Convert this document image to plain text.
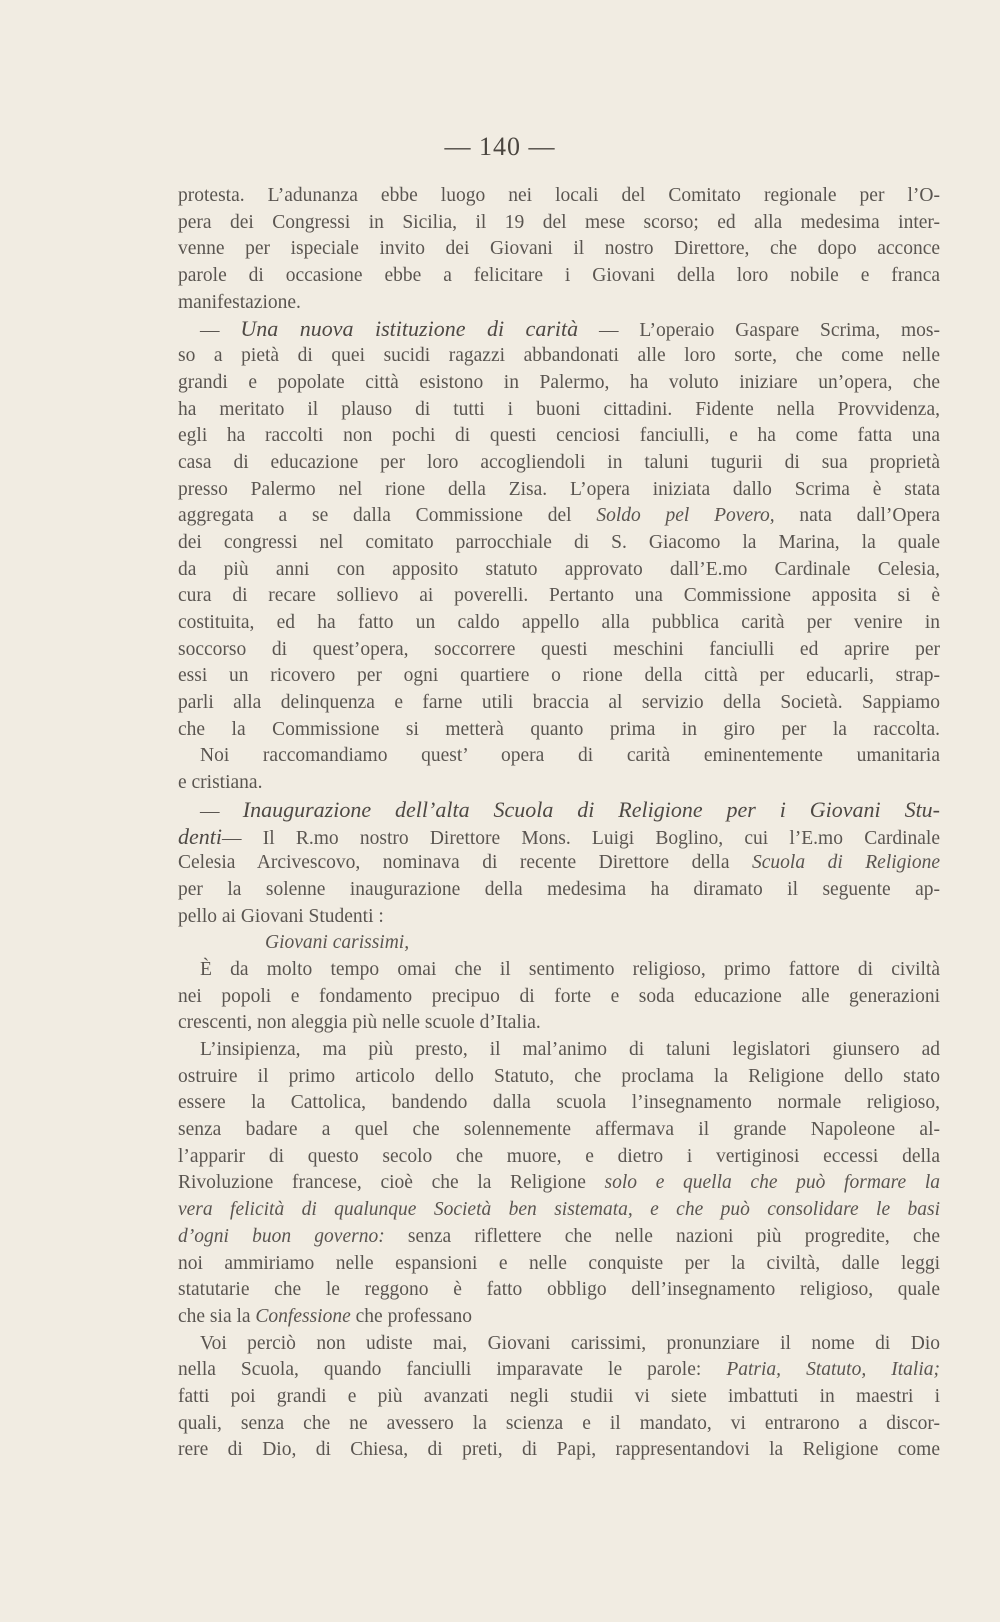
— 140 —
protesta. L’adunanza ebbe luogo nei locali del Comitato regionale per l’O-
pera dei Congressi in Sicilia, il 19 del mese scorso; ed alla medesima inter-
venne per ispeciale invito dei Giovani il nostro Direttore, che dopo acconce
parole di occasione ebbe a felicitare i Giovani della loro nobile e franca
manifestazione.
— Una nuova istituzione di carità — L’operaio Gaspare Scrima, mos-
so a pietà di quei sucidi ragazzi abbandonati alle loro sorte, che come nelle
grandi e popolate città esistono in Palermo, ha voluto iniziare un’opera, che
ha meritato il plauso di tutti i buoni cittadini. Fidente nella Provvidenza,
egli ha raccolti non pochi di questi cenciosi fanciulli, e ha come fatta una
casa di educazione per loro accogliendoli in taluni tugurii di sua proprietà
presso Palermo nel rione della Zisa. L’opera iniziata dallo Scrima è stata
aggregata a se dalla Commissione del Soldo pel Povero, nata dall’Opera
dei congressi nel comitato parrocchiale di S. Giacomo la Marina, la quale
da più anni con apposito statuto approvato dall’E.mo Cardinale Celesia,
cura di recare sollievo ai poverelli. Pertanto una Commissione apposita si è
costituita, ed ha fatto un caldo appello alla pubblica carità per venire in
soccorso di quest’opera, soccorrere questi meschini fanciulli ed aprire per
essi un ricovero per ogni quartiere o rione della città per educarli, strap-
parli alla delinquenza e farne utili braccia al servizio della Società. Sappiamo
che la Commissione si metterà quanto prima in giro per la raccolta.
Noi raccomandiamo quest’ opera di carità eminentemente umanitaria
e cristiana.
— Inaugurazione dell’alta Scuola di Religione per i Giovani Stu-
denti— Il R.mo nostro Direttore Mons. Luigi Boglino, cui l’E.mo Cardinale
Celesia Arcivescovo, nominava di recente Direttore della Scuola di Religione
per la solenne inaugurazione della medesima ha diramato il seguente ap-
pello ai Giovani Studenti :
Giovani carissimi,
È da molto tempo omai che il sentimento religioso, primo fattore di civiltà
nei popoli e fondamento precipuo di forte e soda educazione alle generazioni
crescenti, non aleggia più nelle scuole d’Italia.
L’insipienza, ma più presto, il mal’animo di taluni legislatori giunsero ad
ostruire il primo articolo dello Statuto, che proclama la Religione dello stato
essere la Cattolica, bandendo dalla scuola l’insegnamento normale religioso,
senza badare a quel che solennemente affermava il grande Napoleone al-
l’apparir di questo secolo che muore, e dietro i vertiginosi eccessi della
Rivoluzione francese, cioè che la Religione solo e quella che può formare la
vera felicità di qualunque Società ben sistemata, e che può consolidare le basi
d’ogni buon governo: senza riflettere che nelle nazioni più progredite, che
noi ammiriamo nelle espansioni e nelle conquiste per la civiltà, dalle leggi
statutarie che le reggono è fatto obbligo dell’insegnamento religioso, quale
che sia la Confessione che professano
Voi perciò non udiste mai, Giovani carissimi, pronunziare il nome di Dio
nella Scuola, quando fanciulli imparavate le parole: Patria, Statuto, Italia;
fatti poi grandi e più avanzati negli studii vi siete imbattuti in maestri i
quali, senza che ne avessero la scienza e il mandato, vi entrarono a discor-
rere di Dio, di Chiesa, di preti, di Papi, rappresentandovi la Religione come
